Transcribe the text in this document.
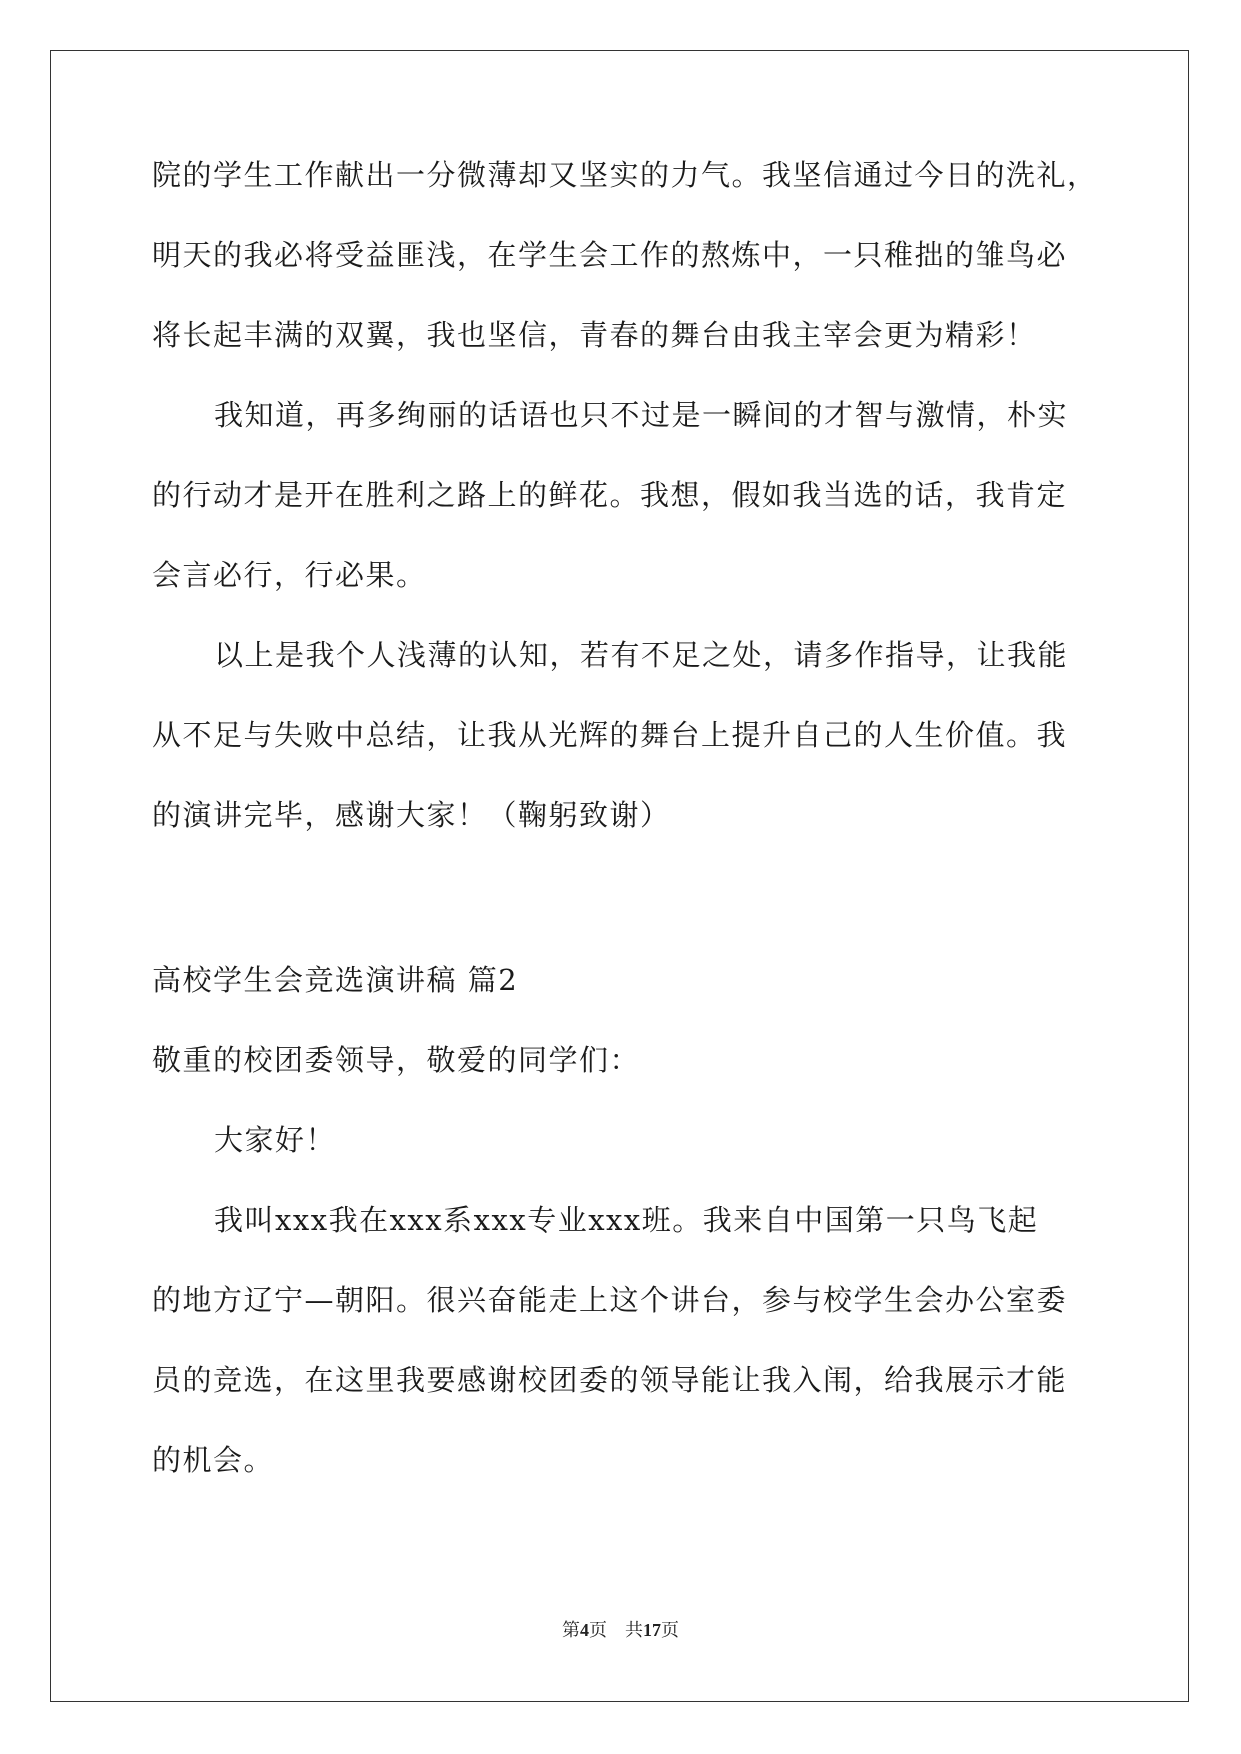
院的学生工作献出一分微薄却又坚实的力气。我坚信通过今日的洗礼，
明天的我必将受益匪浅，在学生会工作的熬炼中，一只稚拙的雏鸟必
将长起丰满的双翼，我也坚信，青春的舞台由我主宰会更为精彩！
我知道，再多绚丽的话语也只不过是一瞬间的才智与激情，朴实
的行动才是开在胜利之路上的鲜花。我想，假如我当选的话，我肯定
会言必行，行必果。
以上是我个人浅薄的认知，若有不足之处，请多作指导，让我能
从不足与失败中总结，让我从光辉的舞台上提升自己的人生价值。我
的演讲完毕，感谢大家！（鞠躬致谢）
高校学生会竞选演讲稿 篇2
敬重的校团委领导，敬爱的同学们：
大家好！
我叫xxx我在xxx系xxx专业xxx班。我来自中国第一只鸟飞起
的地方辽宁—朝阳。很兴奋能走上这个讲台，参与校学生会办公室委
员的竞选，在这里我要感谢校团委的领导能让我入闱，给我展示才能
的机会。
第4页 共17页
